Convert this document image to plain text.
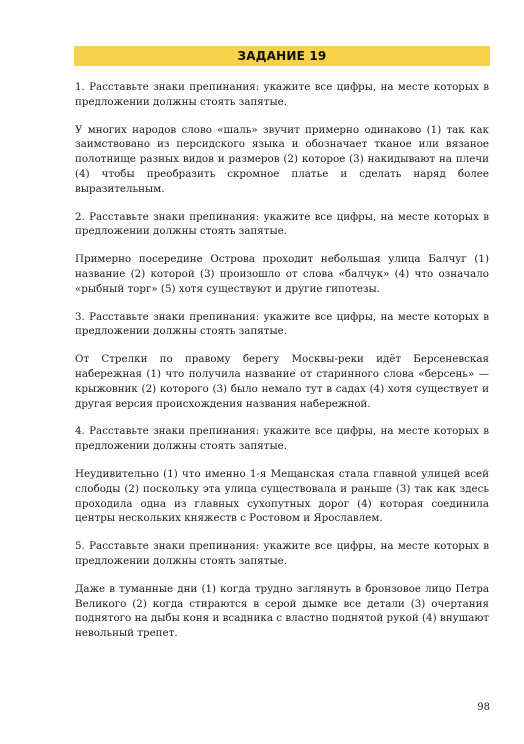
ЗАДАНИЕ 19

1. Расставьте знаки препинания: укажите все цифры, на месте которых в предложении должны стоять запятые.

У многих народов слово «шаль» звучит примерно одинаково (1) так как заимствовано из персидского языка и обозначает тканое или вязаное полотнище разных видов и размеров (2) которое (3) накидывают на плечи (4) чтобы преобразить скромное платье и сделать наряд более выразительным.

2. Расставьте знаки препинания: укажите все цифры, на месте которых в предложении должны стоять запятые.

Примерно посередине Острова проходит небольшая улица Балчуг (1) название (2) которой (3) произошло от слова «балчук» (4) что означало «рыбный торг» (5) хотя существуют и другие гипотезы.

3. Расставьте знаки препинания: укажите все цифры, на месте которых в предложении должны стоять запятые.

От Стрелки по правому берегу Москвы-реки идёт Берсеневская набережная (1) что получила название от старинного слова «берсень» — крыжовник (2) которого (3) было немало тут в садах (4) хотя существует и другая версия происхождения названия набережной.

4. Расставьте знаки препинания: укажите все цифры, на месте которых в предложении должны стоять запятые.

Неудивительно (1) что именно 1-я Мещанская стала главной улицей всей слободы (2) поскольку эта улица существовала и раньше (3) так как здесь проходила одна из главных сухопутных дорог (4) которая соединила центры нескольких княжеств с Ростовом и Ярославлем.

5. Расставьте знаки препинания: укажите все цифры, на месте которых в предложении должны стоять запятые.

Даже в туманные дни (1) когда трудно заглянуть в бронзовое лицо Петра Великого (2) когда стираются в серой дымке все детали (3) очертания поднятого на дыбы коня и всадника с властно поднятой рукой (4) внушают невольный трепет.

98
